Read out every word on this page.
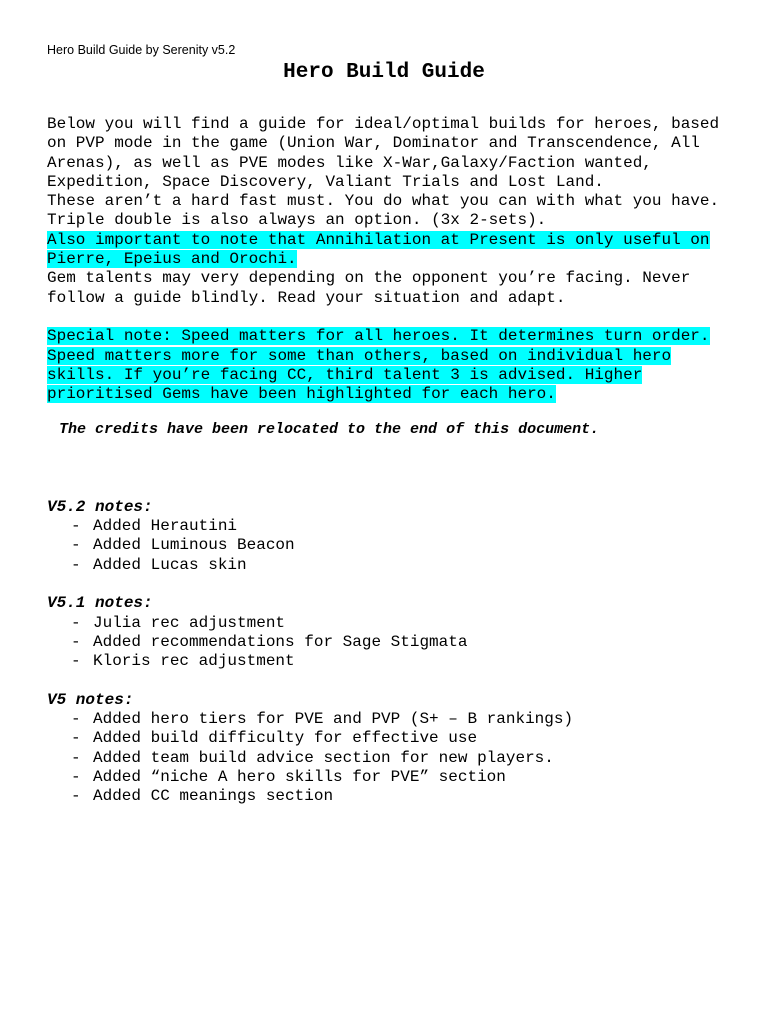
Hero Build Guide by Serenity v5.2
Hero Build Guide

Below you will find a guide for ideal/optimal builds for heroes, based on PVP mode in the game (Union War, Dominator and Transcendence, All Arenas), as well as PVE modes like X-War,Galaxy/Faction wanted, Expedition, Space Discovery, Valiant Trials and Lost Land.

These aren’t a hard fast must. You do what you can with what you have. Triple double is also always an option. (3x 2-sets).

Also important to note that Annihilation at Present is only useful on Pierre, Epeius and Orochi.

Gem talents may very depending on the opponent you’re facing. Never follow a guide blindly. Read your situation and adapt.

Special note: Speed matters for all heroes. It determines turn order. Speed matters more for some than others, based on individual hero skills. If you’re facing CC, third talent 3 is advised. Higher prioritised Gems have been highlighted for each hero.

The credits have been relocated to the end of this document.

V5.2 notes:

- Added Herautini
- Added Luminous Beacon
- Added Lucas skin

V5.1 notes:

- Julia rec adjustment
- Added recommendations for Sage Stigmata
- Kloris rec adjustment

V5 notes:

- Added hero tiers for PVE and PVP (S+ – B rankings)
- Added build difficulty for effective use
- Added team build advice section for new players.
- Added “niche A hero skills for PVE” section
- Added CC meanings section
